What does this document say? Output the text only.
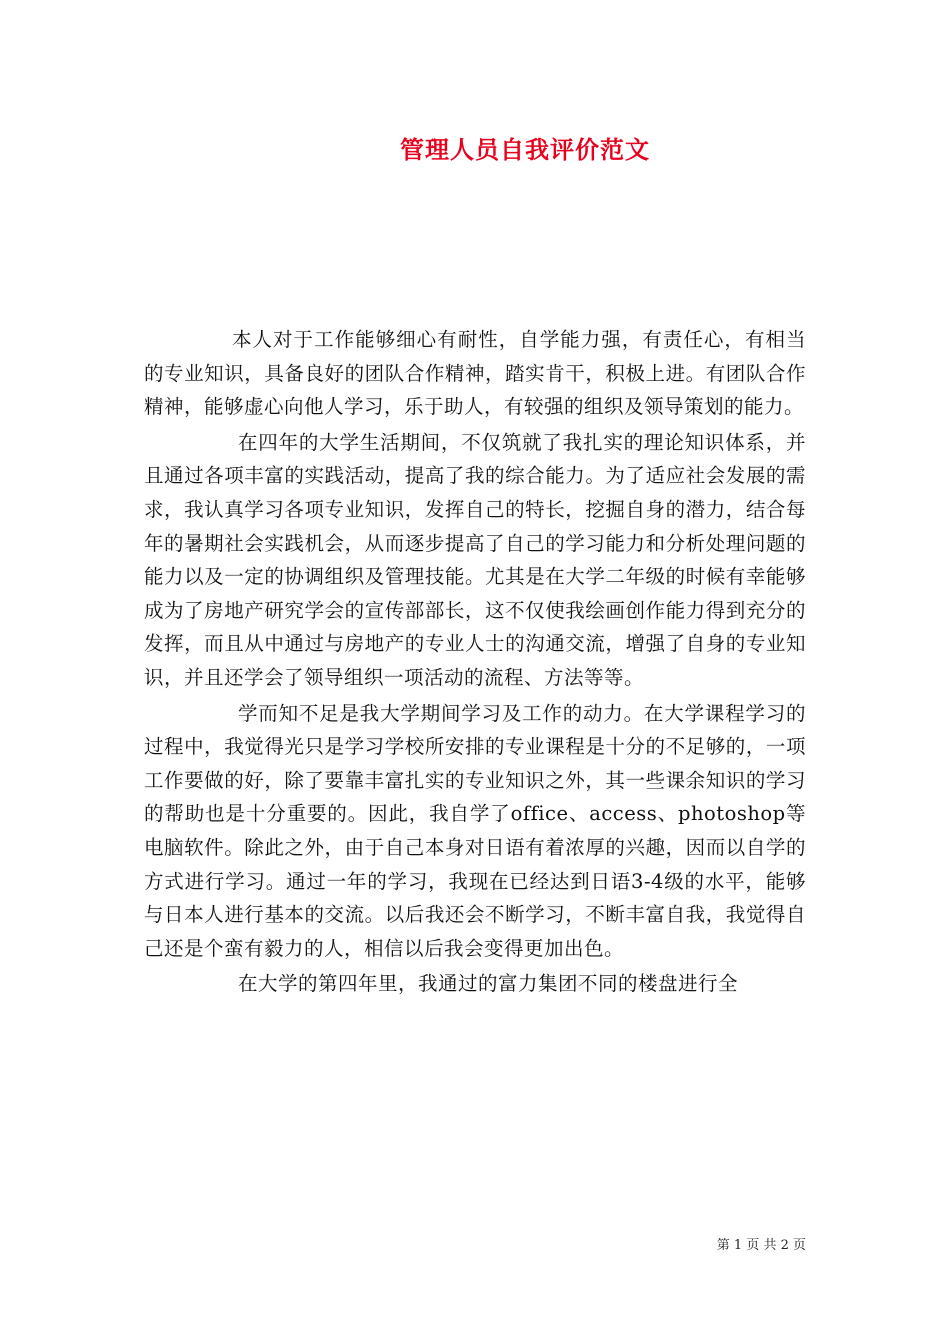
管理人员自我评价范文

本人对于工作能够细心有耐性，自学能力强，有责任心，有相当的专业知识，具备良好的团队合作精神，踏实肯干，积极上进。有团队合作精神，能够虚心向他人学习，乐于助人，有较强的组织及领导策划的能力。

在四年的大学生活期间，不仅筑就了我扎实的理论知识体系，并且通过各项丰富的实践活动，提高了我的综合能力。为了适应社会发展的需求，我认真学习各项专业知识，发挥自己的特长，挖掘自身的潜力，结合每年的暑期社会实践机会，从而逐步提高了自己的学习能力和分析处理问题的能力以及一定的协调组织及管理技能。尤其是在大学二年级的时候有幸能够成为了房地产研究学会的宣传部部长，这不仅使我绘画创作能力得到充分的发挥，而且从中通过与房地产的专业人士的沟通交流，增强了自身的专业知识，并且还学会了领导组织一项活动的流程、方法等等。

学而知不足是我大学期间学习及工作的动力。在大学课程学习的过程中，我觉得光只是学习学校所安排的专业课程是十分的不足够的，一项工作要做的好，除了要靠丰富扎实的专业知识之外，其一些课余知识的学习的帮助也是十分重要的。因此，我自学了office、access、photoshop等电脑软件。除此之外，由于自己本身对日语有着浓厚的兴趣，因而以自学的方式进行学习。通过一年的学习，我现在已经达到日语3-4级的水平，能够与日本人进行基本的交流。以后我还会不断学习，不断丰富自我，我觉得自己还是个蛮有毅力的人，相信以后我会变得更加出色。

在大学的第四年里，我通过的富力集团不同的楼盘进行全

第 1 页 共 2 页
